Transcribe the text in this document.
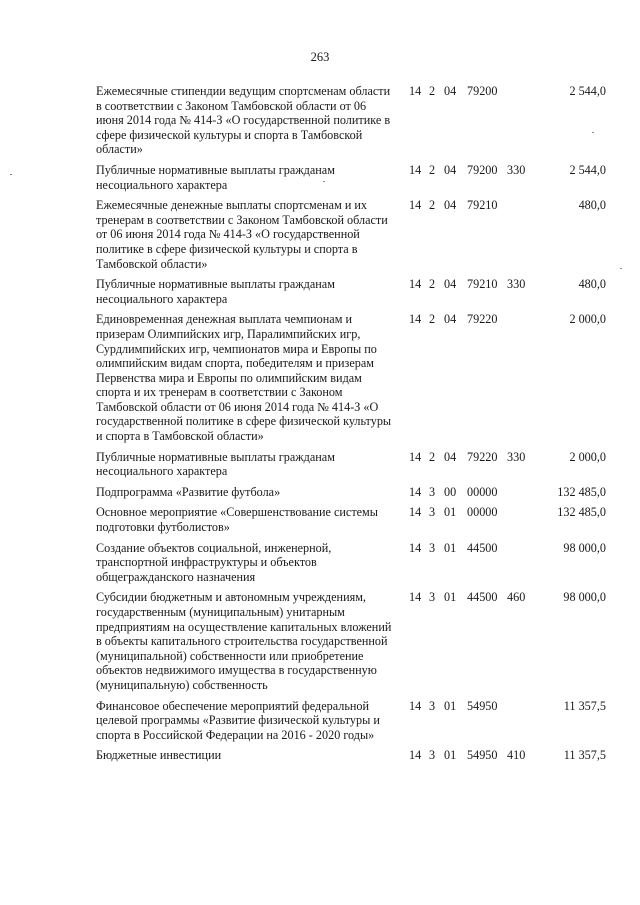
263
Ежемесячные стипендии ведущим спортсменам области в соответствии с Законом Тамбовской области от 06 июня 2014 года № 414-З «О государственной политике в сфере физической культуры и спорта в Тамбовской области»
14 2 04 79200	2 544,0
Публичные нормативные выплаты гражданам несоциального характера
14 2 04 79200 330	2 544,0
Ежемесячные денежные выплаты спортсменам и их тренерам в соответствии с Законом Тамбовской области от 06 июня 2014 года № 414-З «О государственной политике в сфере физической культуры и спорта в Тамбовской области»
14 2 04 79210	480,0
Публичные нормативные выплаты гражданам несоциального характера
14 2 04 79210 330	480,0
Единовременная денежная выплата чемпионам и призерам Олимпийских игр, Паралимпийских игр, Сурдлимпийских игр, чемпионатов мира и Европы по олимпийским видам спорта, победителям и призерам Первенства мира и Европы по олимпийским видам спорта и их тренерам в соответствии с Законом Тамбовской области от 06 июня 2014 года № 414-З «О государственной политике в сфере физической культуры и спорта в Тамбовской области»
14 2 04 79220	2 000,0
Публичные нормативные выплаты гражданам несоциального характера
14 2 04 79220 330	2 000,0
Подпрограмма «Развитие футбола»	14 3 00 00000	132 485,0
Основное мероприятие «Совершенствование системы подготовки футболистов»
14 3 01 00000	132 485,0
Создание объектов социальной, инженерной, транспортной инфраструктуры и объектов общегражданского назначения
14 3 01 44500	98 000,0
Субсидии бюджетным и автономным учреждениям, государственным (муниципальным) унитарным предприятиям на осуществление капитальных вложений в объекты капитального строительства государственной (муниципальной) собственности или приобретение объектов недвижимого имущества в государственную (муниципальную) собственность
14 3 01 44500 460	98 000,0
Финансовое обеспечение мероприятий федеральной целевой программы «Развитие физической культуры и спорта в Российской Федерации на 2016 - 2020 годы»
14 3 01 54950	11 357,5
Бюджетные инвестиции	14 3 01 54950 410	11 357,5
